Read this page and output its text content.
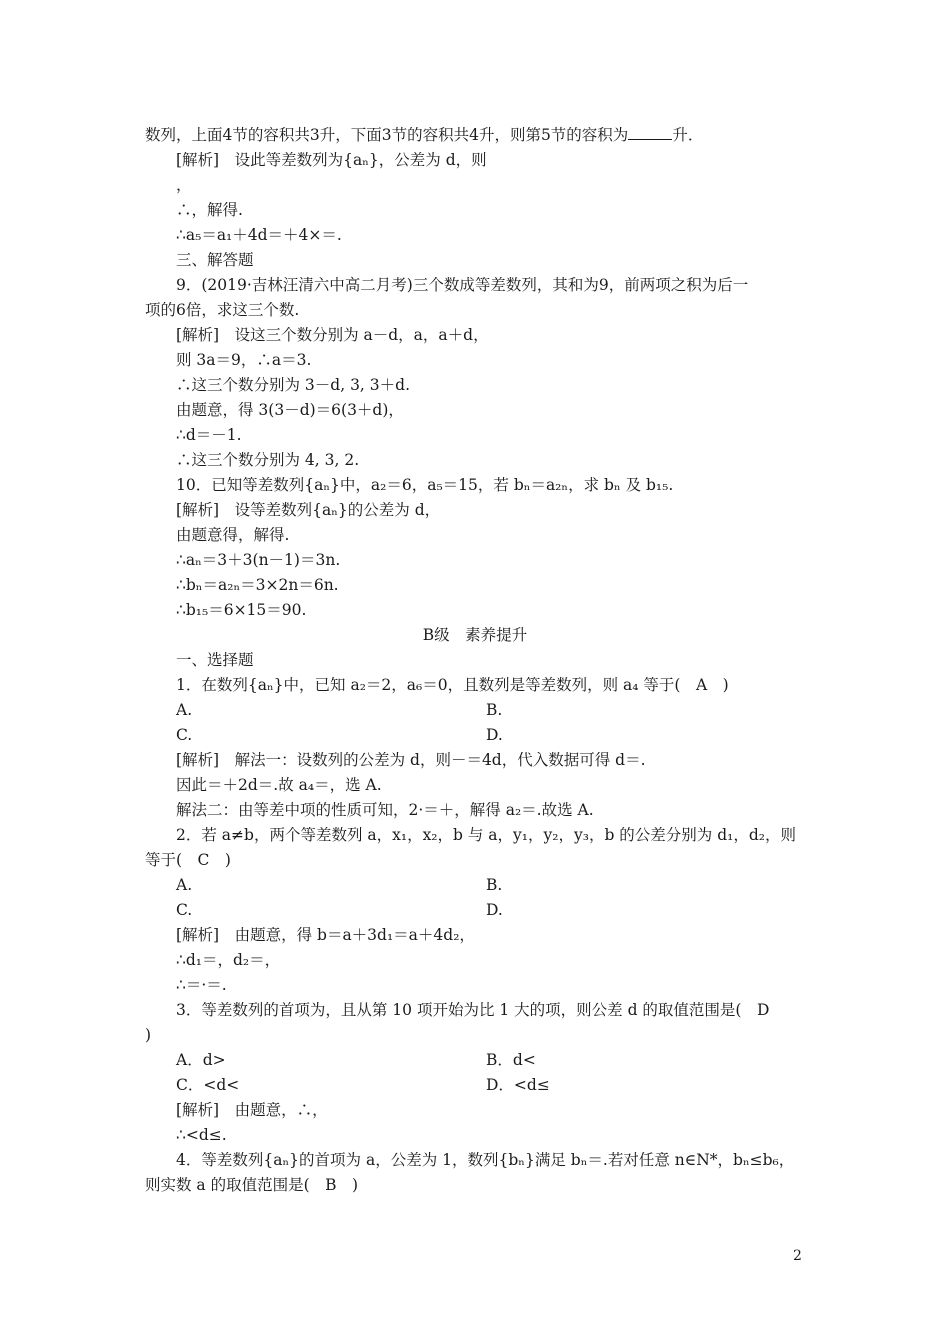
数列，上面4节的容积共3升，下面3节的容积共4升，则第5节的容积为	升．
[解析]　设此等差数列为{aₙ}，公差为 d，则
，
∴，解得.
∴a₅＝a₁＋4d＝＋4×＝.
三、解答题
9．(2019·吉林汪清六中高二月考)三个数成等差数列，其和为9，前两项之积为后一
项的6倍，求这三个数.
[解析]　设这三个数分别为 a－d，a，a＋d，
则 3a＝9，∴a＝3.
∴这三个数分别为 3－d, 3, 3＋d.
由题意，得 3(3－d)＝6(3＋d)，
∴d＝－1.
∴这三个数分别为 4, 3, 2.
10．已知等差数列{aₙ}中，a₂＝6，a₅＝15，若 bₙ＝a₂ₙ，求 bₙ 及 b₁₅.
[解析]　设等差数列{aₙ}的公差为 d，
由题意得，解得.
∴aₙ＝3＋3(n－1)＝3n.
∴bₙ＝a₂ₙ＝3×2n＝6n.
∴b₁₅＝6×15＝90.
B级　素养提升
一、选择题
1．在数列{aₙ}中，已知 a₂＝2，a₆＝0，且数列是等差数列，则 a₄ 等于(　A　)
A.	B.
C.	D.
[解析]　解法一：设数列的公差为 d，则－＝4d，代入数据可得 d＝.
因此＝＋2d＝.故 a₄＝，选 A.
解法二：由等差中项的性质可知，2·＝＋，解得 a₂＝.故选 A.
2．若 a≠b，两个等差数列 a，x₁，x₂，b 与 a，y₁，y₂，y₃，b 的公差分别为 d₁，d₂，则
等于(　C　)
A.	B.
C.	D.
[解析]　由题意，得 b＝a＋3d₁＝a＋4d₂，
∴d₁＝，d₂＝，
∴＝·＝.
3．等差数列的首项为，且从第 10 项开始为比 1 大的项，则公差 d 的取值范围是(　D
)
A．d>	B．d<
C．<d<	D．<d≤
[解析]　由题意，∴，
∴<d≤.
4．等差数列{aₙ}的首项为 a，公差为 1，数列{bₙ}满足 bₙ＝.若对任意 n∈N*，bₙ≤b₆，
则实数 a 的取值范围是(　B　)
2
